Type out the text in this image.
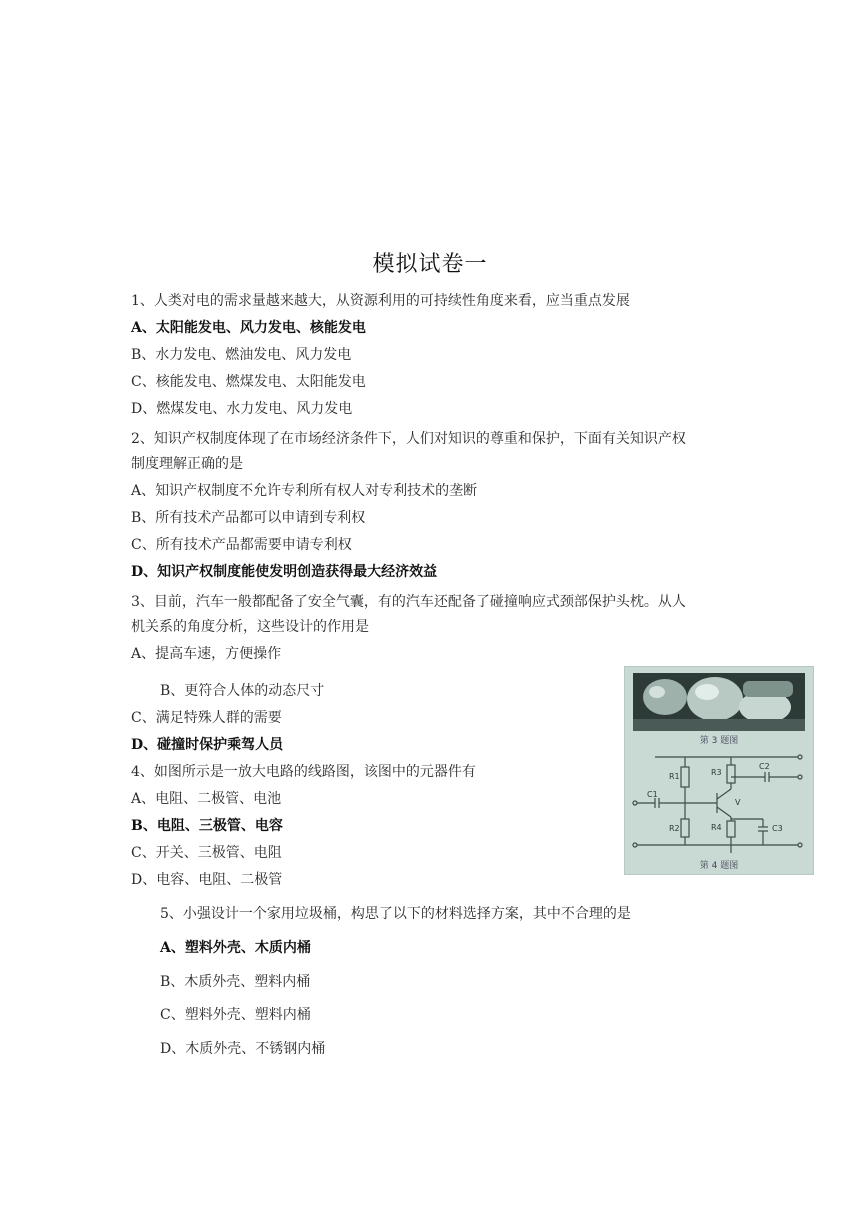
模拟试卷一
1、人类对电的需求量越来越大，从资源利用的可持续性角度来看，应当重点发展
A、太阳能发电、风力发电、核能发电
B、水力发电、燃油发电、风力发电
C、核能发电、燃煤发电、太阳能发电
D、燃煤发电、水力发电、风力发电
2、知识产权制度体现了在市场经济条件下，人们对知识的尊重和保护，下面有关知识产权
制度理解正确的是
A、知识产权制度不允许专利所有权人对专利技术的垄断
B、所有技术产品都可以申请到专利权
C、所有技术产品都需要申请专利权
D、知识产权制度能使发明创造获得最大经济效益
3、目前，汽车一般都配备了安全气囊，有的汽车还配备了碰撞响应式颈部保护头枕。从人
机关系的角度分析，这些设计的作用是
A、提高车速，方便操作
B、更符合人体的动态尺寸
C、满足特殊人群的需要
D、碰撞时保护乘驾人员
4、如图所示是一放大电路的线路图，该图中的元器件有
A、电阻、二极管、电池
B、电阻、三极管、电容
C、开关、三极管、电阻
D、电容、电阻、二极管
5、小强设计一个家用垃圾桶，构思了以下的材料选择方案，其中不合理的是
A、塑料外壳、木质内桶
B、木质外壳、塑料内桶
C、塑料外壳、塑料内桶
D、木质外壳、不锈钢内桶
第 3 题图
R1	R3
C2
C1
V
R2	R4	C3
第 4 题图
